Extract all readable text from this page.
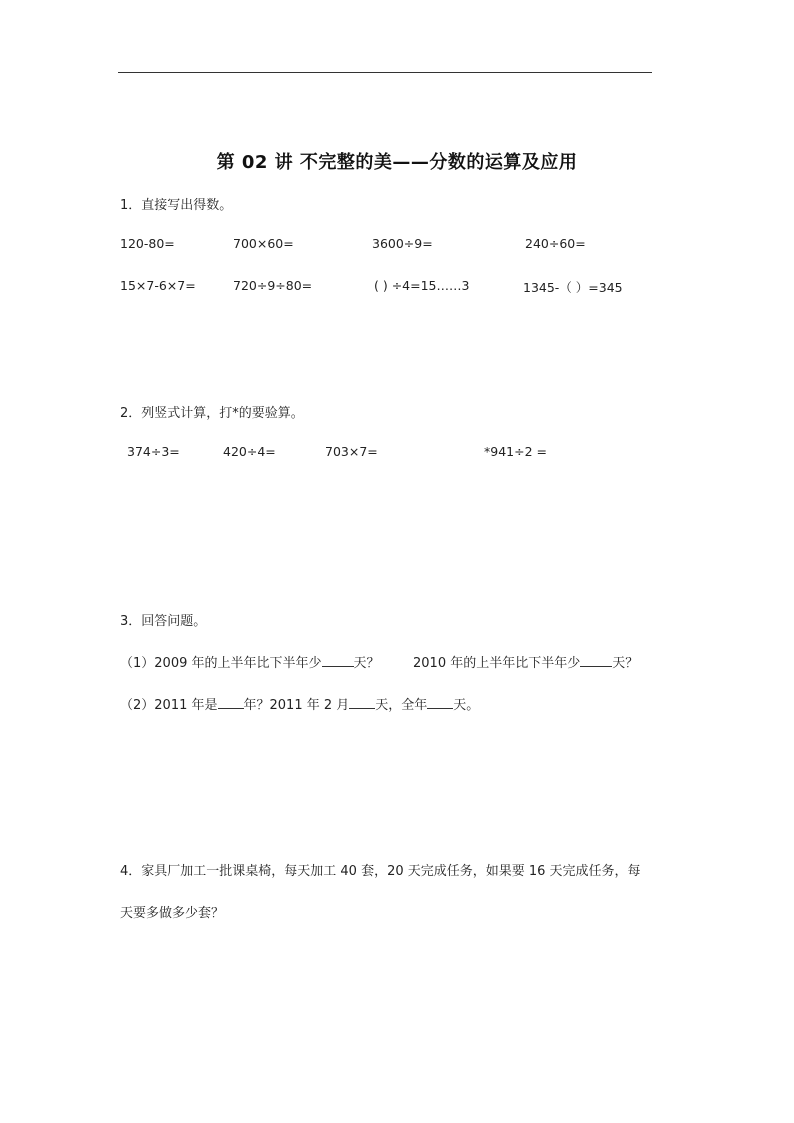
第 02 讲 不完整的美——分数的运算及应用
1．直接写出得数。
120-80=	700×60=	3600÷9=	240÷60=
15×7-6×7=	720÷9÷80=	( ) ÷4=15……3	1345-（ ）=345
2．列竖式计算，打*的要验算。
374÷3=	420÷4=	703×7=	*941÷2 =
3．回答问题。
（1）2009 年的上半年比下半年少 天？	2010 年的上半年比下半年少 天？
（2）2011 年是 年？2011 年 2 月 天，全年 天。
4．家具厂加工一批课桌椅，每天加工 40 套，20 天完成任务，如果要 16 天完成任务，每
天要多做多少套？
